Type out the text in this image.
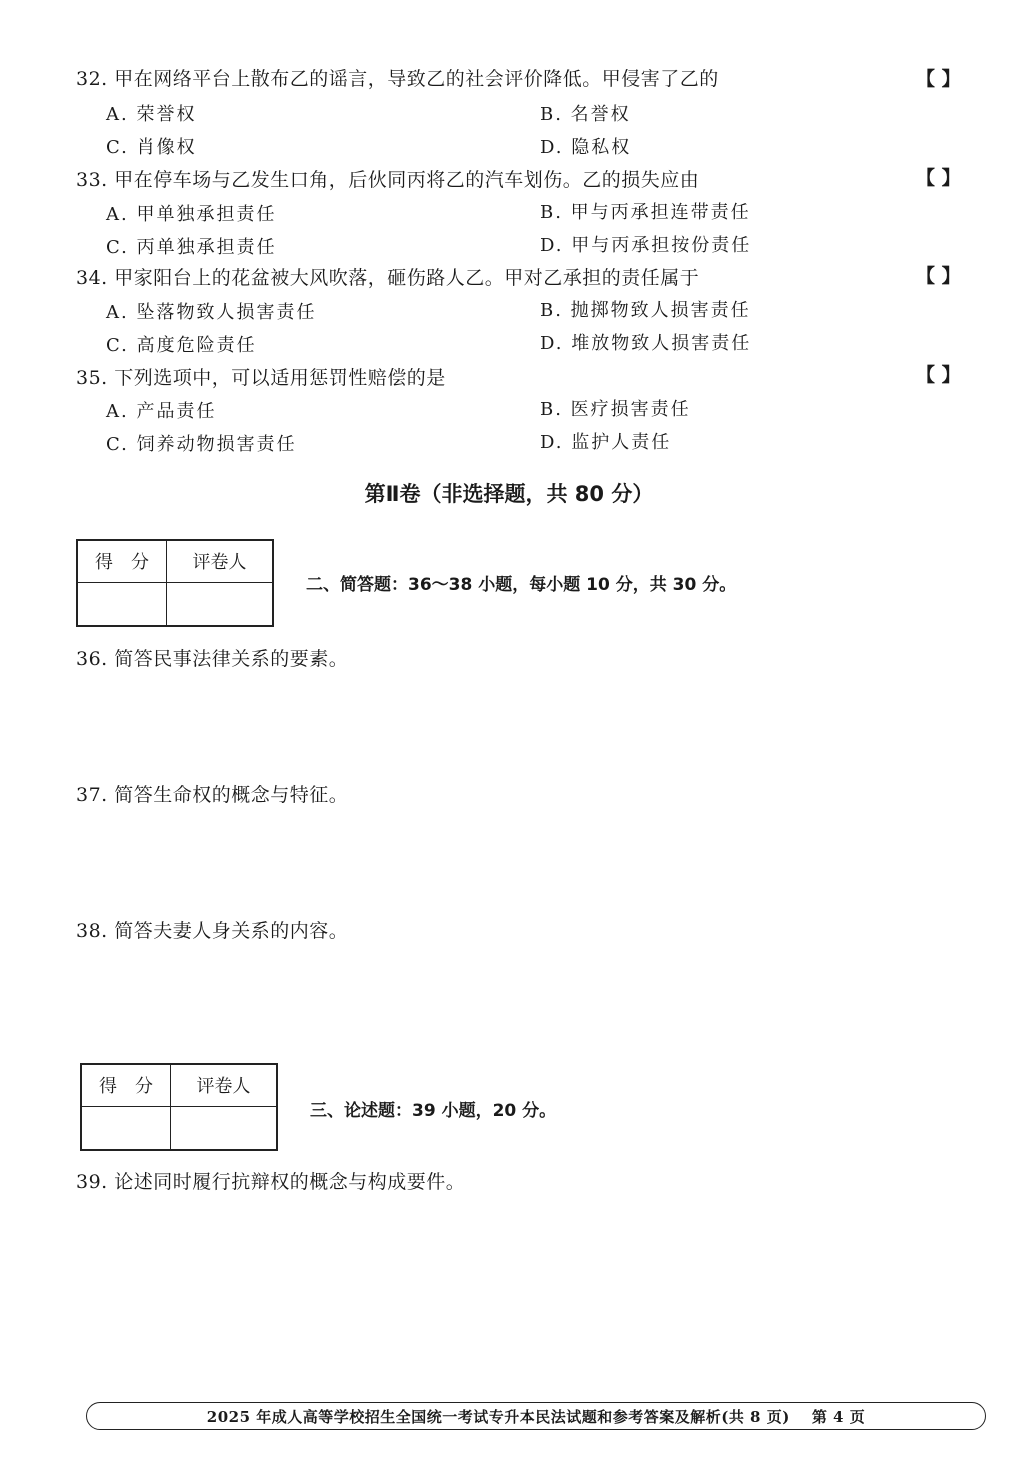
32. 甲在网络平台上散布乙的谣言，导致乙的社会评价降低。甲侵害了乙的	【 】
A. 荣誉权	B. 名誉权
C. 肖像权	D. 隐私权
33. 甲在停车场与乙发生口角，后伙同丙将乙的汽车划伤。乙的损失应由	【 】
A. 甲单独承担责任	B. 甲与丙承担连带责任
C. 丙单独承担责任	D. 甲与丙承担按份责任
34. 甲家阳台上的花盆被大风吹落，砸伤路人乙。甲对乙承担的责任属于	【 】
A. 坠落物致人损害责任	B. 抛掷物致人损害责任
C. 高度危险责任	D. 堆放物致人损害责任
35. 下列选项中，可以适用惩罚性赔偿的是	【 】
A. 产品责任	B. 医疗损害责任
C. 饲养动物损害责任	D. 监护人责任
第Ⅱ卷（非选择题，共 80 分）
得　分	评卷人

二、简答题：36～38 小题，每小题 10 分，共 30 分。
36. 简答民事法律关系的要素。
37. 简答生命权的概念与特征。
38. 简答夫妻人身关系的内容。
得　分	评卷人

三、论述题：39 小题，20 分。
39. 论述同时履行抗辩权的概念与构成要件。
2025 年成人高等学校招生全国统一考试专升本民法试题和参考答案及解析(共 8 页) 第 4 页
